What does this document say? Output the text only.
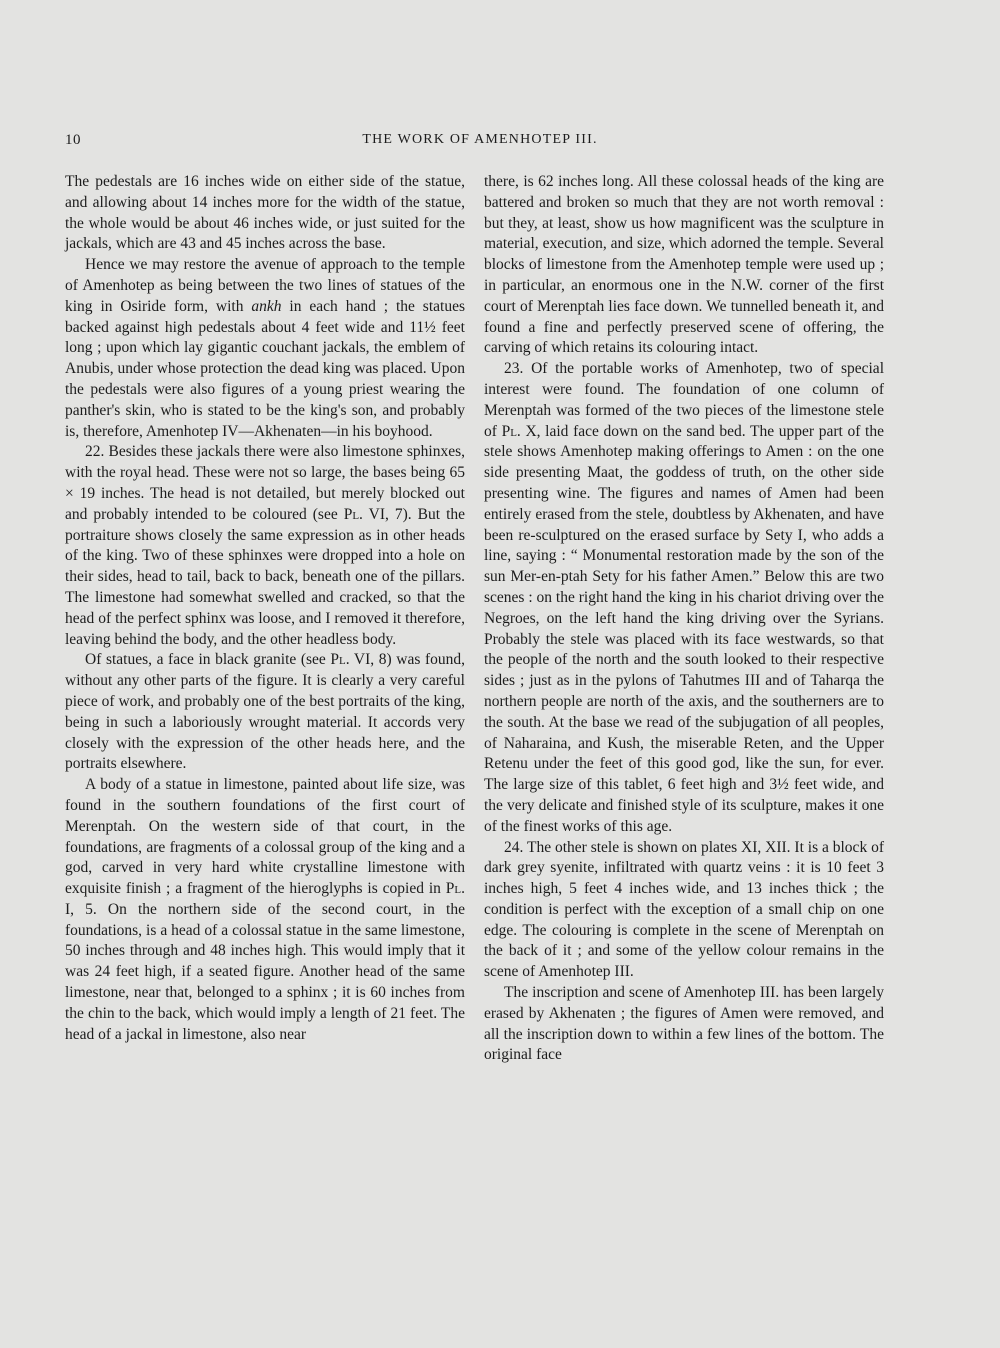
10	THE WORK OF AMENHOTEP III.

The pedestals are 16 inches wide on either side of the statue, and allowing about 14 inches more for the width of the statue, the whole would be about 46 inches wide, or just suited for the jackals, which are 43 and 45 inches across the base.

Hence we may restore the avenue of approach to the temple of Amenhotep as being between the two lines of statues of the king in Osiride form, with ankh in each hand ; the statues backed against high pedestals about 4 feet wide and 11½ feet long ; upon which lay gigantic couchant jackals, the emblem of Anubis, under whose protection the dead king was placed. Upon the pedestals were also figures of a young priest wearing the panther's skin, who is stated to be the king's son, and probably is, therefore, Amenhotep IV—Akhenaten—in his boyhood.

22. Besides these jackals there were also limestone sphinxes, with the royal head. These were not so large, the bases being 65 × 19 inches. The head is not detailed, but merely blocked out and probably intended to be coloured (see Pl. VI, 7). But the portraiture shows closely the same expression as in other heads of the king. Two of these sphinxes were dropped into a hole on their sides, head to tail, back to back, beneath one of the pillars. The limestone had somewhat swelled and cracked, so that the head of the perfect sphinx was loose, and I removed it therefore, leaving behind the body, and the other headless body.

Of statues, a face in black granite (see Pl. VI, 8) was found, without any other parts of the figure. It is clearly a very careful piece of work, and probably one of the best portraits of the king, being in such a laboriously wrought material. It accords very closely with the expression of the other heads here, and the portraits elsewhere.

A body of a statue in limestone, painted about life size, was found in the southern foundations of the first court of Merenptah. On the western side of that court, in the foundations, are fragments of a colossal group of the king and a god, carved in very hard white crystalline limestone with exquisite finish ; a fragment of the hieroglyphs is copied in Pl. I, 5. On the northern side of the second court, in the foundations, is a head of a colossal statue in the same limestone, 50 inches through and 48 inches high. This would imply that it was 24 feet high, if a seated figure. Another head of the same limestone, near that, belonged to a sphinx ; it is 60 inches from the chin to the back, which would imply a length of 21 feet. The head of a jackal in limestone, also near

there, is 62 inches long. All these colossal heads of the king are battered and broken so much that they are not worth removal : but they, at least, show us how magnificent was the sculpture in material, execution, and size, which adorned the temple. Several blocks of limestone from the Amenhotep temple were used up ; in particular, an enormous one in the N.W. corner of the first court of Merenptah lies face down. We tunnelled beneath it, and found a fine and perfectly preserved scene of offering, the carving of which retains its colouring intact.

23. Of the portable works of Amenhotep, two of special interest were found. The foundation of one column of Merenptah was formed of the two pieces of the limestone stele of Pl. X, laid face down on the sand bed. The upper part of the stele shows Amenhotep making offerings to Amen : on the one side presenting Maat, the goddess of truth, on the other side presenting wine. The figures and names of Amen had been entirely erased from the stele, doubtless by Akhenaten, and have been re-sculptured on the erased surface by Sety I, who adds a line, saying : “ Monumental restoration made by the son of the sun Mer-en-ptah Sety for his father Amen.” Below this are two scenes : on the right hand the king in his chariot driving over the Negroes, on the left hand the king driving over the Syrians. Probably the stele was placed with its face westwards, so that the people of the north and the south looked to their respective sides ; just as in the pylons of Tahutmes III and of Taharqa the northern people are north of the axis, and the southerners are to the south. At the base we read of the subjugation of all peoples, of Naharaina, and Kush, the miserable Reten, and the Upper Retenu under the feet of this good god, like the sun, for ever. The large size of this tablet, 6 feet high and 3½ feet wide, and the very delicate and finished style of its sculpture, makes it one of the finest works of this age.

24. The other stele is shown on plates XI, XII. It is a block of dark grey syenite, infiltrated with quartz veins : it is 10 feet 3 inches high, 5 feet 4 inches wide, and 13 inches thick ; the condition is perfect with the exception of a small chip on one edge. The colouring is complete in the scene of Merenptah on the back of it ; and some of the yellow colour remains in the scene of Amenhotep III.

The inscription and scene of Amenhotep III. has been largely erased by Akhenaten ; the figures of Amen were removed, and all the inscription down to within a few lines of the bottom. The original face
